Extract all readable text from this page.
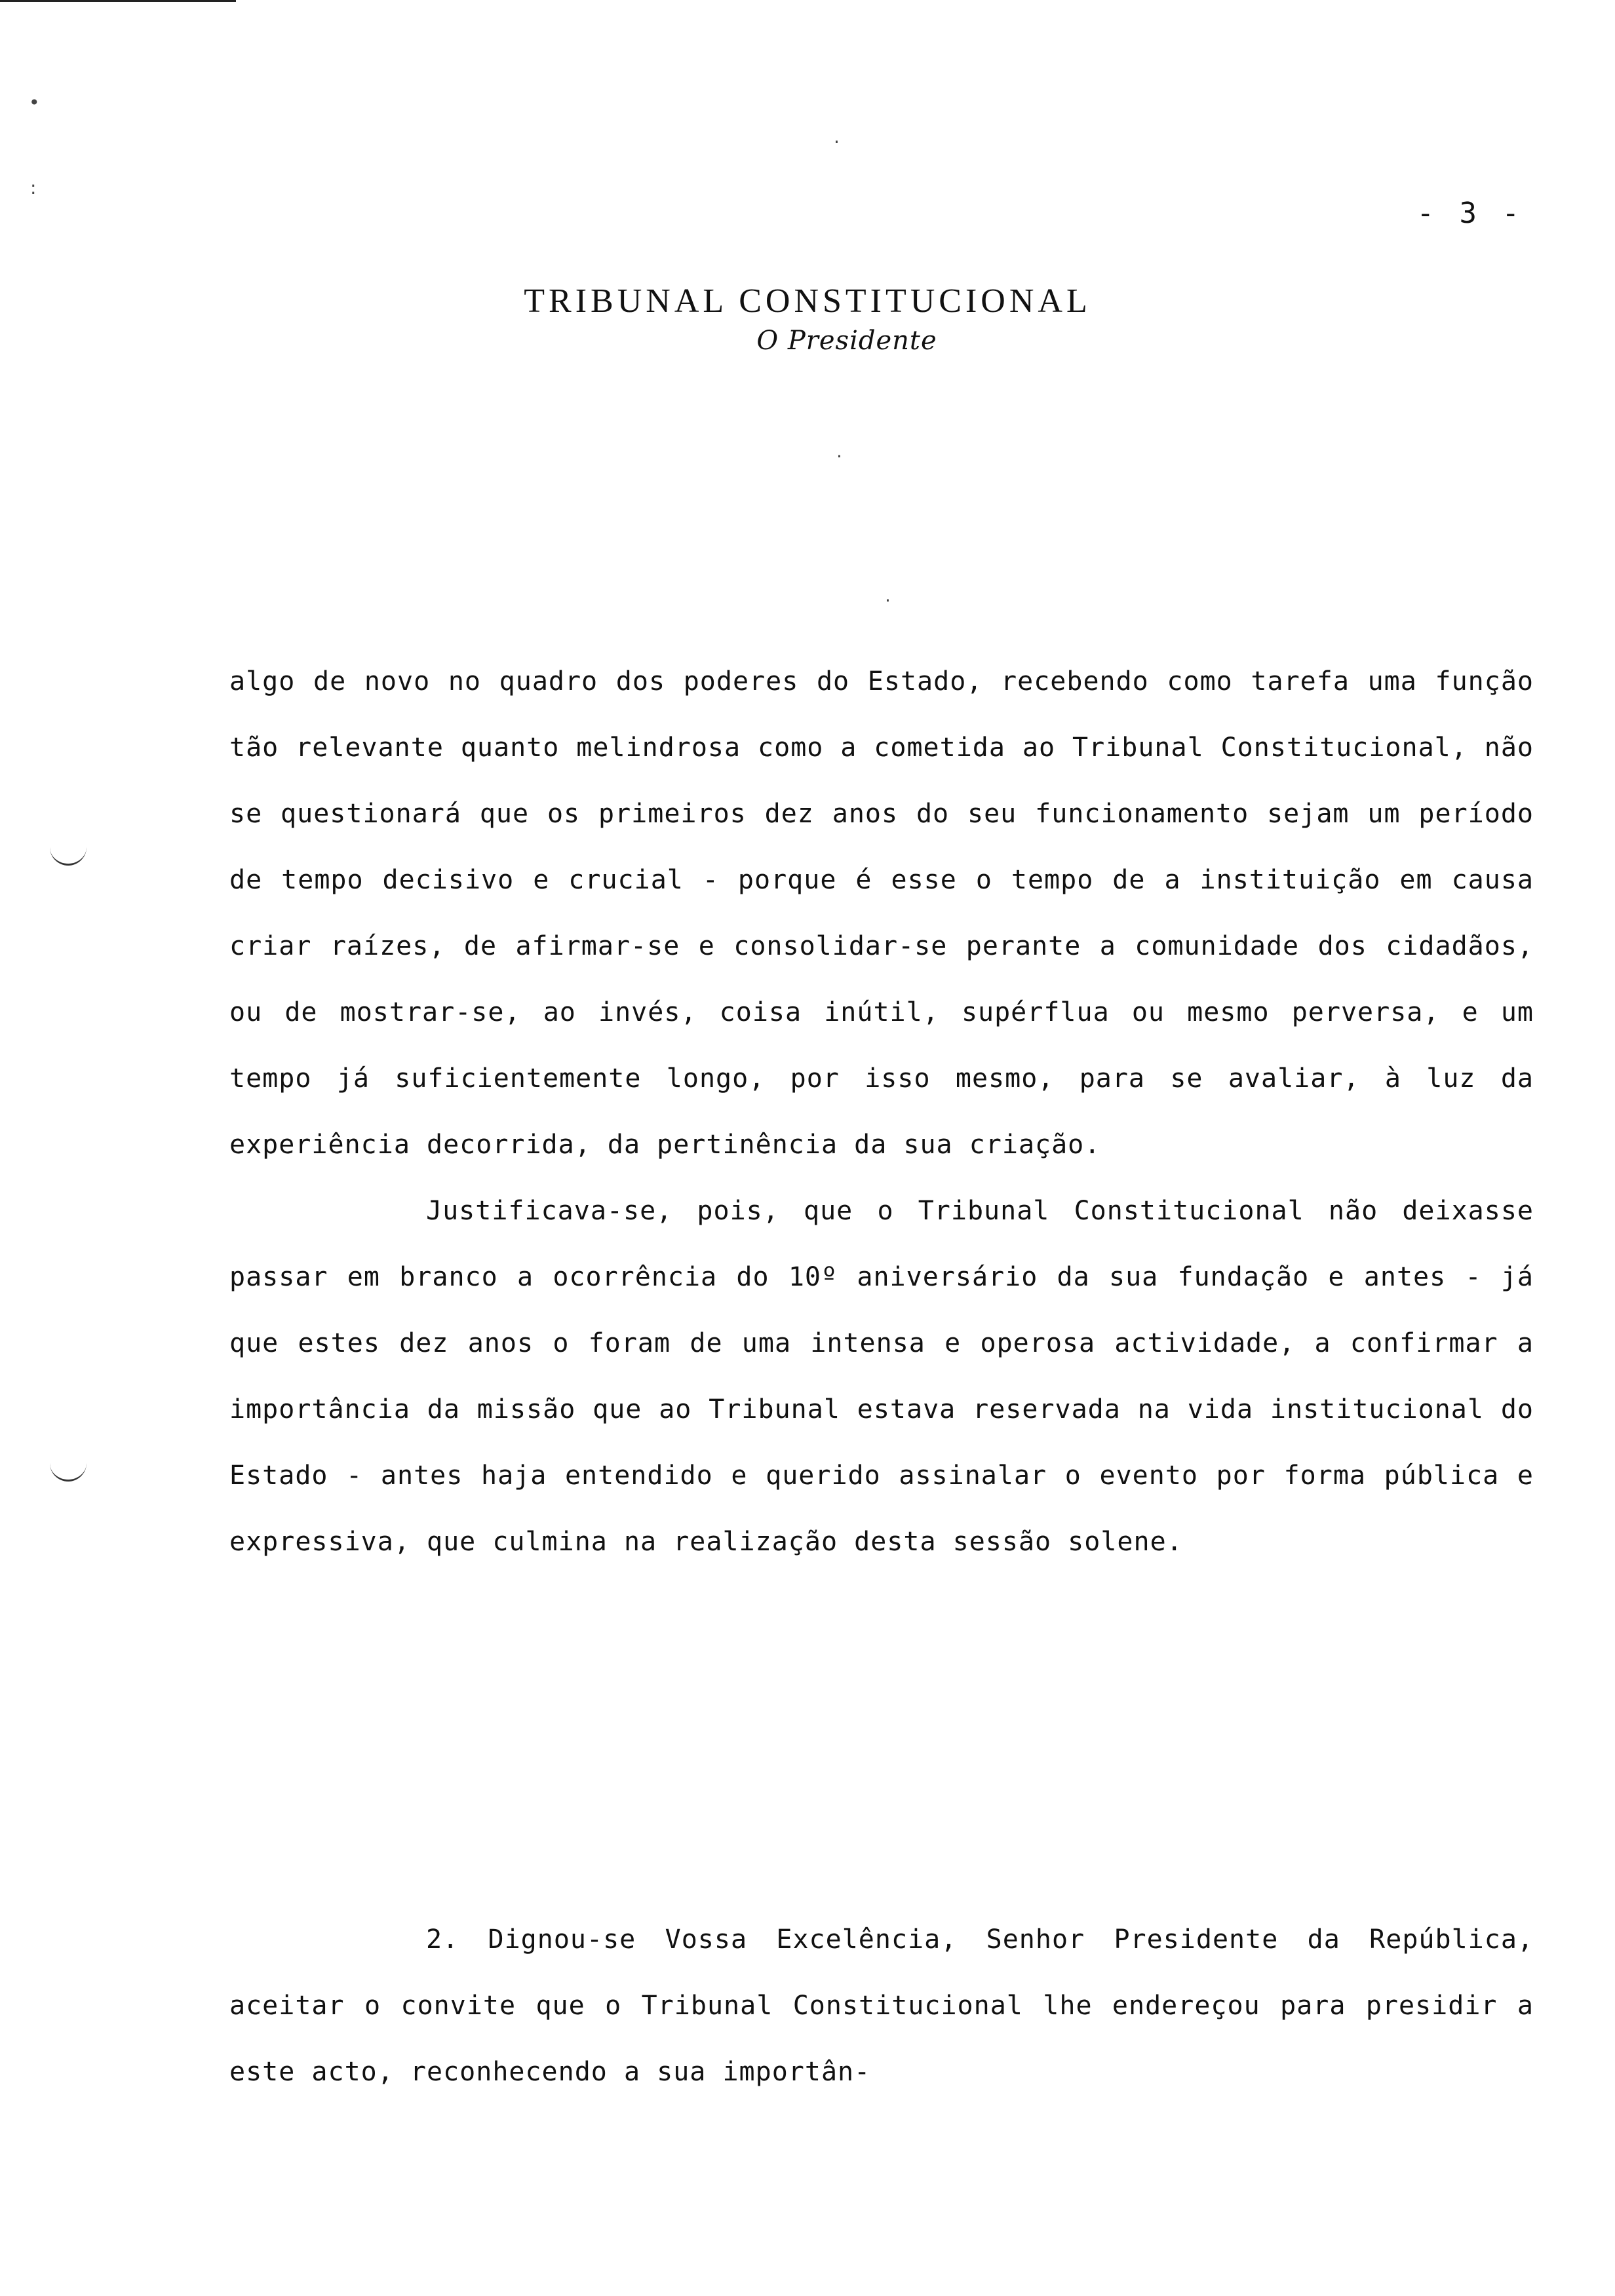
•
:
·
·
·
- 3 -
TRIBUNAL CONSTITUCIONAL
O Presidente

algo de novo no quadro dos poderes do Estado, recebendo como tarefa uma função tão relevante quanto melindrosa como a cometida ao Tribunal Constitucional, não se questionará que os primeiros dez anos do seu funcionamento sejam um período de tempo decisivo e crucial - porque é esse o tempo de a instituição em causa criar raízes, de afirmar-se e consolidar-se perante a comunidade dos cidadãos, ou de mostrar-se, ao invés, coisa inútil, supérflua ou mesmo perversa, e um tempo já suficientemente longo, por isso mesmo, para se avaliar, à luz da experiência decorrida, da pertinência da sua criação.

Justificava-se, pois, que o Tribunal Constitucional não deixasse passar em branco a ocorrência do 10º aniversário da sua fundação e antes - já que estes dez anos o foram de uma intensa e operosa actividade, a confirmar a importância da missão que ao Tribunal estava reservada na vida institucional do Estado - antes haja entendido e querido assinalar o evento por forma pública e expressiva, que culmina na realização desta sessão solene.

2. Dignou-se Vossa Excelência, Senhor Presidente da República, aceitar o convite que o Tribunal Constitucional lhe endereçou para presidir a este acto, reconhecendo a sua importân-
